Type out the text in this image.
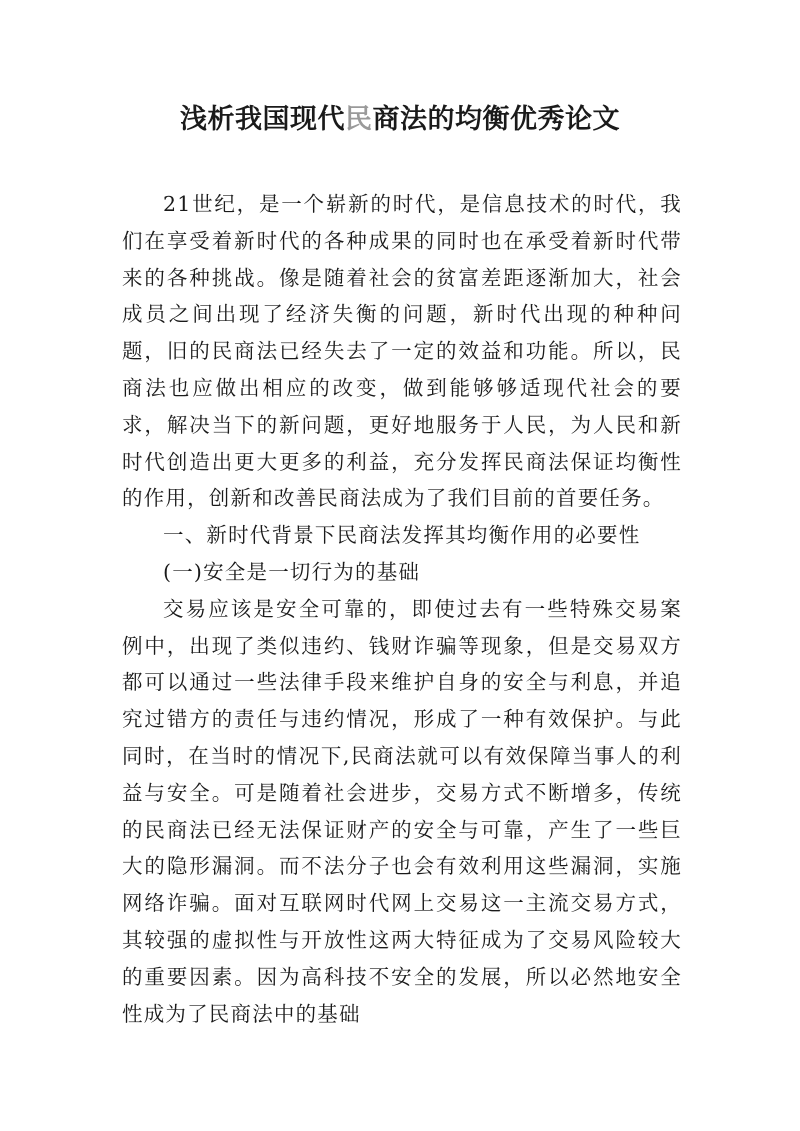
浅析我国现代民商法的均衡优秀论文

21世纪，是一个崭新的时代，是信息技术的时代，我们在享受着新时代的各种成果的同时也在承受着新时代带来的各种挑战。像是随着社会的贫富差距逐渐加大，社会成员之间出现了经济失衡的问题，新时代出现的种种问题，旧的民商法已经失去了一定的效益和功能。所以，民商法也应做出相应的改变，做到能够够适现代社会的要求，解决当下的新问题，更好地服务于人民，为人民和新时代创造出更大更多的利益，充分发挥民商法保证均衡性的作用，创新和改善民商法成为了我们目前的首要任务。

一、新时代背景下民商法发挥其均衡作用的必要性

(一)安全是一切行为的基础

交易应该是安全可靠的，即使过去有一些特殊交易案例中，出现了类似违约、钱财诈骗等现象，但是交易双方都可以通过一些法律手段来维护自身的安全与利息，并追究过错方的责任与违约情况，形成了一种有效保护。与此同时，在当时的情况下,民商法就可以有效保障当事人的利益与安全。可是随着社会进步，交易方式不断增多，传统的民商法已经无法保证财产的安全与可靠，产生了一些巨大的隐形漏洞。而不法分子也会有效利用这些漏洞，实施网络诈骗。面对互联网时代网上交易这一主流交易方式，其较强的虚拟性与开放性这两大特征成为了交易风险较大的重要因素。因为高科技不安全的发展，所以必然地安全性成为了民商法中的基础
